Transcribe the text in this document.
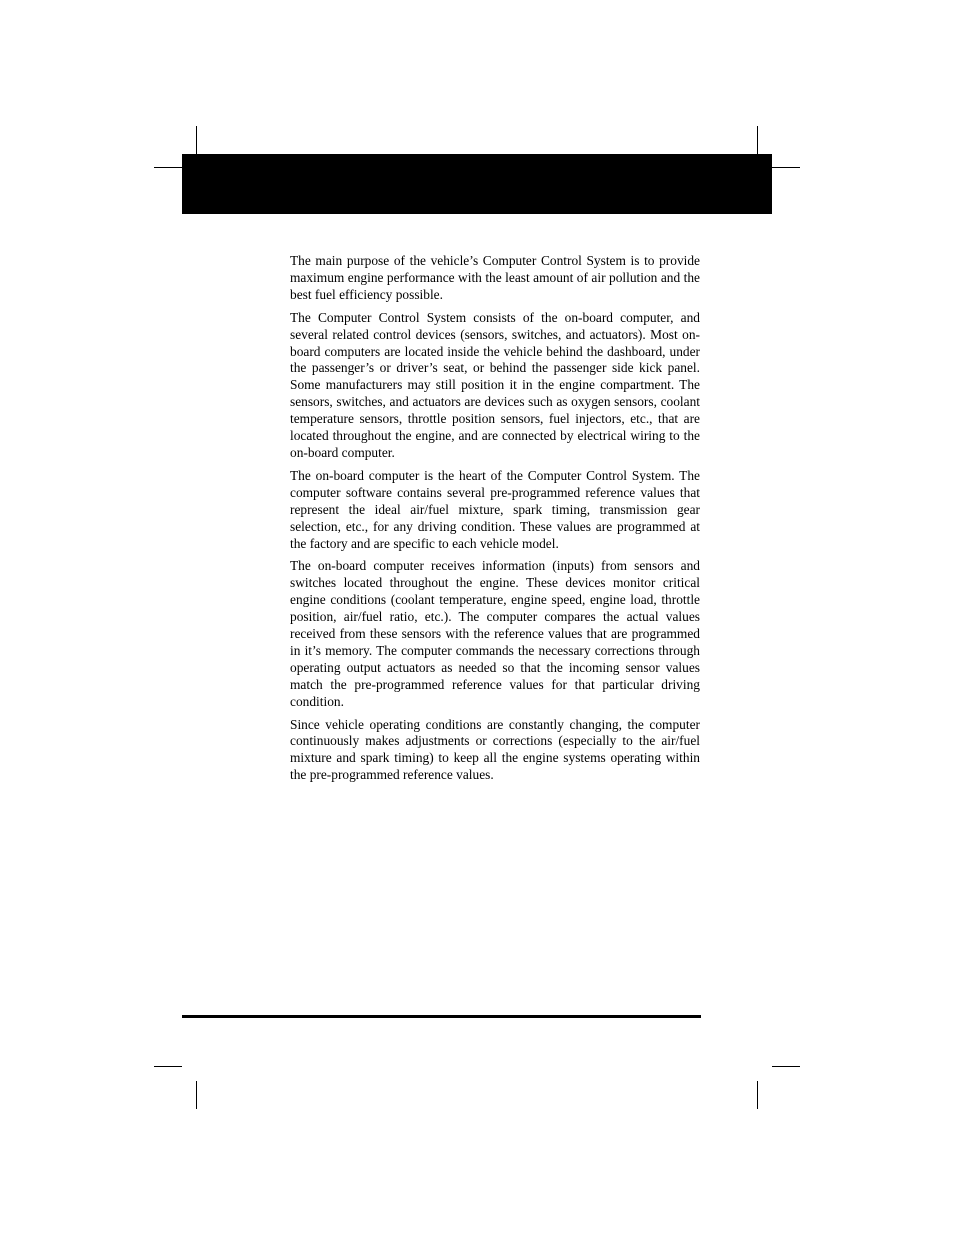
The main purpose of the vehicle’s Computer Control System is to provide maximum engine performance with the least amount of air pollution and the best fuel efficiency possible.

The Computer Control System consists of the on-board computer, and several related control devices (sensors, switches, and actuators). Most on-board computers are located inside the vehicle behind the dashboard, under the passenger’s or driver’s seat, or behind the passenger side kick panel. Some manufacturers may still position it in the engine compartment. The sensors, switches, and actuators are devices such as oxygen sensors, coolant temperature sensors, throttle position sensors, fuel injectors, etc., that are located throughout the engine, and are connected by electrical wiring to the on-board computer.

The on-board computer is the heart of the Computer Control System. The computer software contains several pre-programmed reference values that represent the ideal air/fuel mixture, spark timing, transmission gear selection, etc., for any driving condition. These values are programmed at the factory and are specific to each vehicle model.

The on-board computer receives information (inputs) from sensors and switches located throughout the engine. These devices monitor critical engine conditions (coolant temperature, engine speed, engine load, throttle position, air/fuel ratio, etc.). The computer compares the actual values received from these sensors with the reference values that are programmed in it’s memory. The computer commands the necessary corrections through operating output actuators as needed so that the incoming sensor values match the pre-programmed reference values for that particular driving condition.

Since vehicle operating conditions are constantly changing, the computer continuously makes adjustments or corrections (especially to the air/fuel mixture and spark timing) to keep all the engine systems operating within the pre-programmed reference values.
